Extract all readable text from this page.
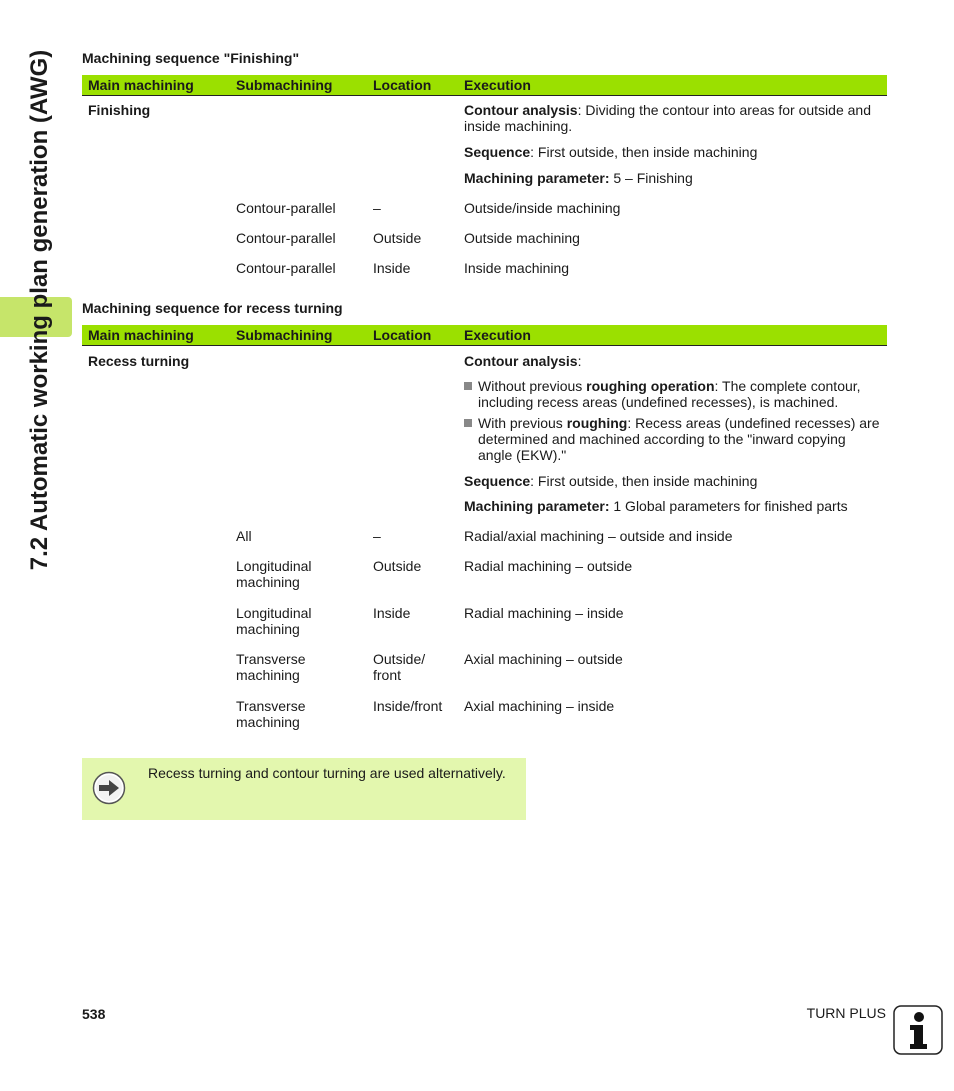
7.2 Automatic working plan generation (AWG) Machining sequence "Finishing"
Main machining	Submachining	Location	Execution
Finishing			Contour analysis: Dividing the contour into areas for outside and inside machining.
Sequence: First outside, then inside machining
Machining parameter: 5 – Finishing

	Contour-parallel	–	Outside/inside machining
	Contour-parallel	Outside	Outside machining
	Contour-parallel	Inside	Inside machining
Machining sequence for recess turning
Main machining	Submachining	Location	Execution
Recess turning			Contour analysis:
Without previous roughing operation: The complete contour, including recess areas (undefined recesses), is machined.
With previous roughing: Recess areas (undefined recesses) are determined and machined according to the "inward copying angle (EKW)."
Sequence: First outside, then inside machining
Machining parameter: 1 Global parameters for finished parts

	All	–	Radial/axial machining – outside and inside
	Longitudinal machining	Outside	Radial machining – outside
	Longitudinal machining	Inside	Radial machining – inside
	Transverse machining	Outside/ front	Axial machining – outside
	Transverse machining	Inside/front	Axial machining – inside
Recess turning and contour turning are used alternatively.
538	TURN PLUS
